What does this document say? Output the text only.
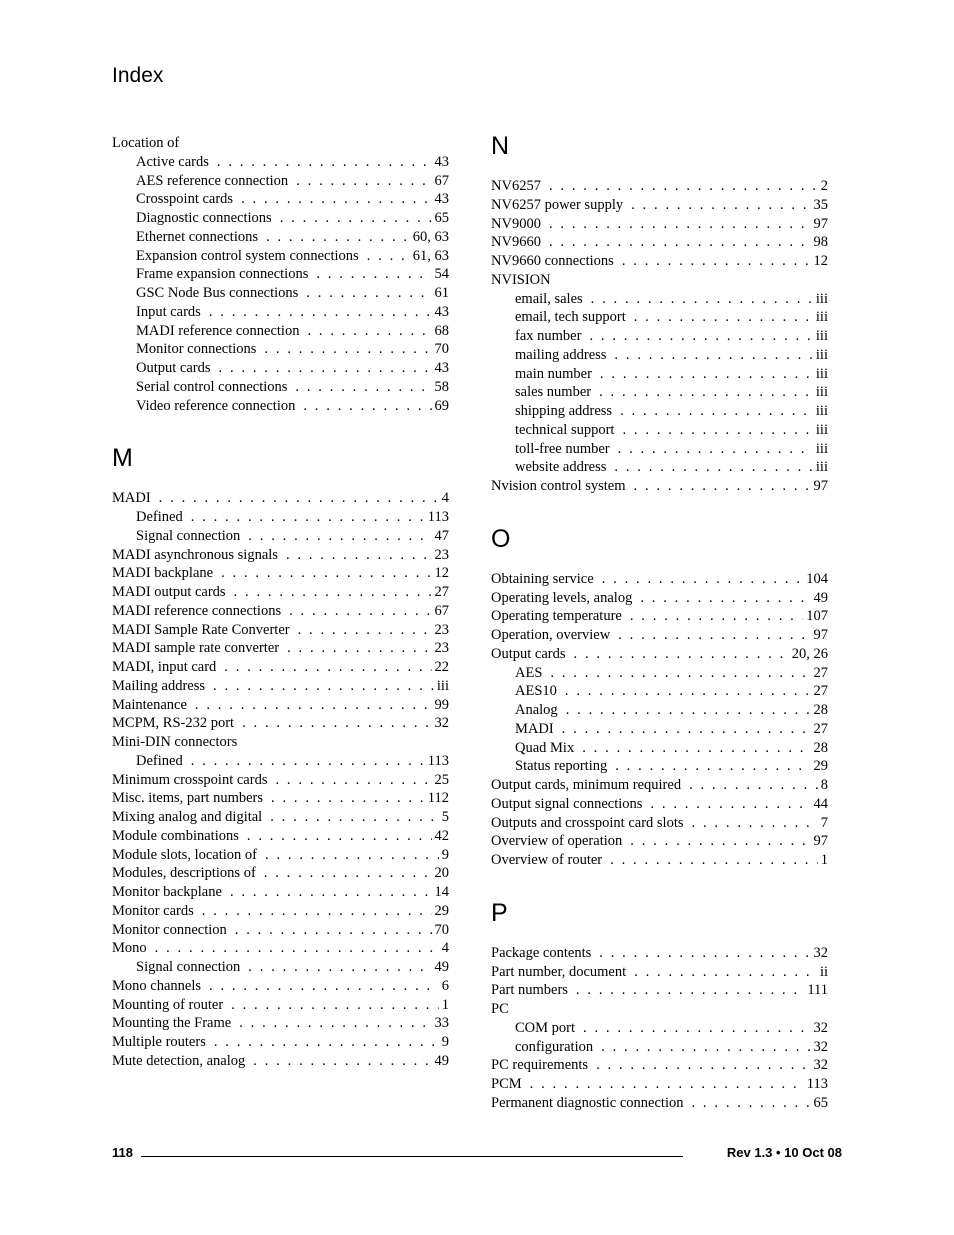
Index
Location of
Active cards . . .	43
AES reference connection . . .	67
Crosspoint cards . . .	43
Diagnostic connections . . .	65
Ethernet connections . . .	60, 63
Expansion control system connections . . .	61, 63
Frame expansion connections . . .	54
GSC Node Bus connections . . .	61
Input cards . . .	43
MADI reference connection . . .	68
Monitor connections . . .	70
Output cards . . .	43
Serial control connections . . .	58
Video reference connection . . .	69
M
MADI . . .	4
Defined . . .	113
Signal connection . . .	47
MADI asynchronous signals . . .	23
MADI backplane . . .	12
MADI output cards . . .	27
MADI reference connections . . .	67
MADI Sample Rate Converter . . .	23
MADI sample rate converter . . .	23
MADI, input card . . .	22
Mailing address . . .	iii
Maintenance . . .	99
MCPM, RS-232 port . . .	32
Mini-DIN connectors
Defined . . .	113
Minimum crosspoint cards . . .	25
Misc. items, part numbers . . .	112
Mixing analog and digital . . .	5
Module combinations . . .	42
Module slots, location of . . .	9
Modules, descriptions of . . .	20
Monitor backplane . . .	14
Monitor cards . . .	29
Monitor connection . . .	70
Mono . . .	4
Signal connection . . .	49
Mono channels . . .	6
Mounting of router . . .	1
Mounting the Frame . . .	33
Multiple routers . . .	9
Mute detection, analog . . .	49
N
NV6257 . . .	2
NV6257 power supply . . .	35
NV9000 . . .	97
NV9660 . . .	98
NV9660 connections . . .	12
NVISION
email, sales . . .	iii
email, tech support . . .	iii
fax number . . .	iii
mailing address . . .	iii
main number . . .	iii
sales number . . .	iii
shipping address . . .	iii
technical support . . .	iii
toll-free number . . .	iii
website address . . .	iii
Nvision control system . . .	97
O
Obtaining service . . .	104
Operating levels, analog . . .	49
Operating temperature . . .	107
Operation, overview . . .	97
Output cards . . .	20, 26
AES . . .	27
AES10 . . .	27
Analog . . .	28
MADI . . .	27
Quad Mix . . .	28
Status reporting . . .	29
Output cards, minimum required . . .	8
Output signal connections . . .	44
Outputs and crosspoint card slots . . .	7
Overview of operation . . .	97
Overview of router . . .	1
P
Package contents . . .	32
Part number, document . . .	ii
Part numbers . . .	111
PC
COM port . . .	32
configuration . . .	32
PC requirements . . .	32
PCM . . .	113
Permanent diagnostic connection . . .	65
118	Rev 1.3 • 10 Oct 08
